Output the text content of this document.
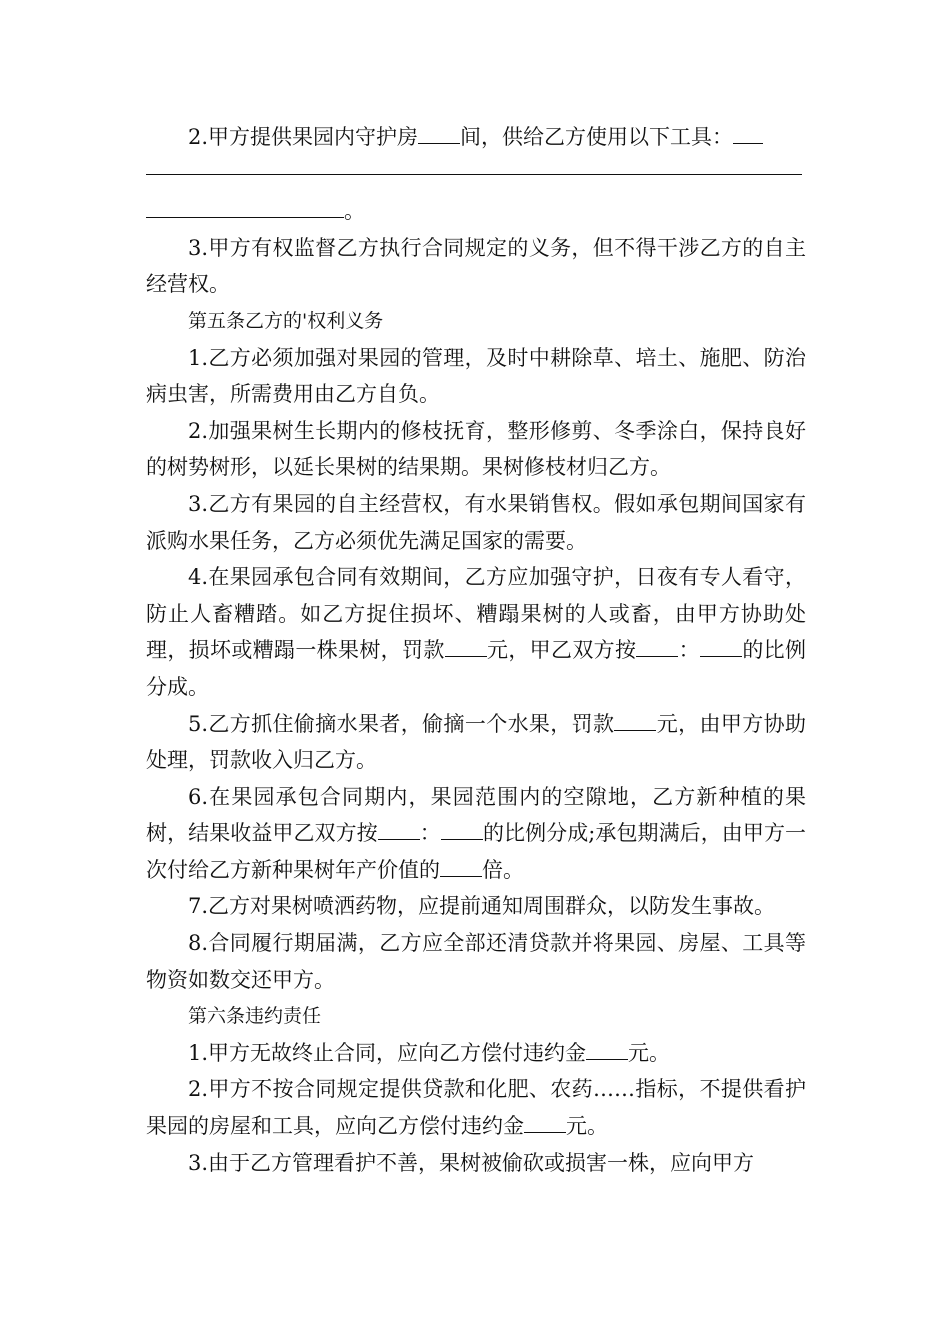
2.甲方提供果园内守护房 间，供给乙方使用以下工具：

。

3.甲方有权监督乙方执行合同规定的义务，但不得干涉乙方的自主经营权。

第五条乙方的'权利义务

1.乙方必须加强对果园的管理，及时中耕除草、培土、施肥、防治病虫害，所需费用由乙方自负。

2.加强果树生长期内的修枝抚育，整形修剪、冬季涂白，保持良好的树势树形，以延长果树的结果期。果树修枝材归乙方。

3.乙方有果园的自主经营权，有水果销售权。假如承包期间国家有派购水果任务，乙方必须优先满足国家的需要。

4.在果园承包合同有效期间，乙方应加强守护，日夜有专人看守，防止人畜糟踏。如乙方捉住损坏、糟蹋果树的人或畜，由甲方协助处理，损坏或糟蹋一株果树，罚款 元，甲乙双方按 ： 的比例分成。

5.乙方抓住偷摘水果者，偷摘一个水果，罚款 元，由甲方协助处理，罚款收入归乙方。

6.在果园承包合同期内，果园范围内的空隙地，乙方新种植的果树，结果收益甲乙双方按 ： 的比例分成;承包期满后，由甲方一次付给乙方新种果树年产价值的 倍。

7.乙方对果树喷洒药物，应提前通知周围群众，以防发生事故。

8.合同履行期届满，乙方应全部还清贷款并将果园、房屋、工具等物资如数交还甲方。

第六条违约责任

1.甲方无故终止合同，应向乙方偿付违约金 元。

2.甲方不按合同规定提供贷款和化肥、农药……指标，不提供看护果园的房屋和工具，应向乙方偿付违约金 元。

3.由于乙方管理看护不善，果树被偷砍或损害一株，应向甲方
